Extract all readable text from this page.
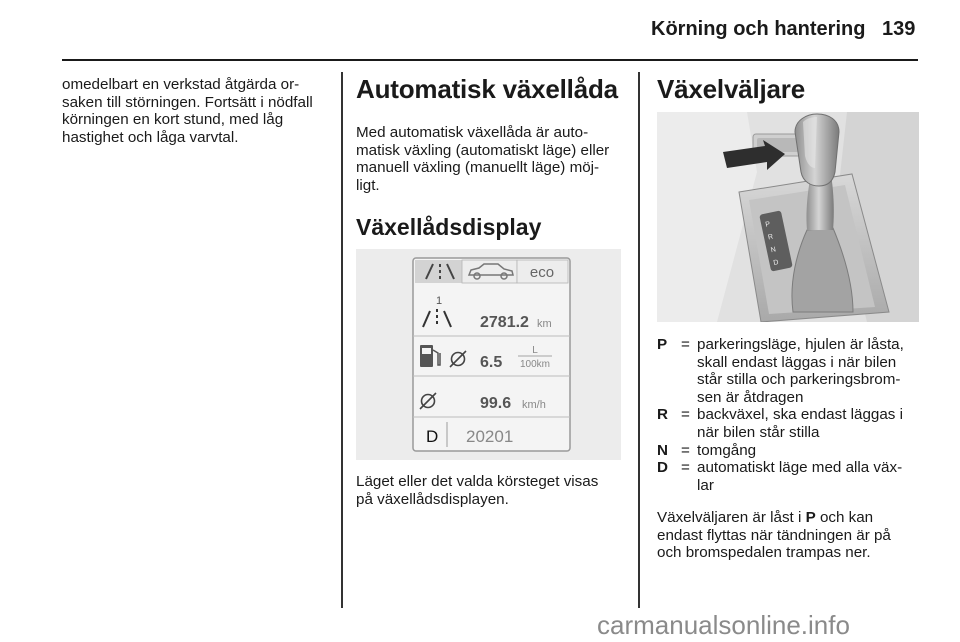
Körning och hantering 139

omedelbart en verkstad åtgärda or-

saken till störningen. Fortsätt i nödfall

körningen en kort stund, med låg

hastighet och låga varvtal.

Automatisk växellåda

Med automatisk växellåda är auto-

matisk växling (automatiskt läge) eller

manuell växling (manuellt läge) möj-

ligt.

Växellådsdisplay
eco
1
2781.2 km
6.5
L
100km
99.6 km/h
D 20201

Läget eller det valda körsteget visas

på växellådsdisplayen.

Växelväljare
P
R
N
D
P = parkeringsläge, hjulen är låsta,
skall endast läggas i när bilen
står stilla och parkeringsbrom-
sen är åtdragen
R = backväxel, ska endast läggas i
när bilen står stilla
N = tomgång
D = automatiskt läge med alla väx-
lar

Växelväljaren är låst i P och kan

endast flyttas när tändningen är på

och bromspedalen trampas ner.

carmanualsonline.info
